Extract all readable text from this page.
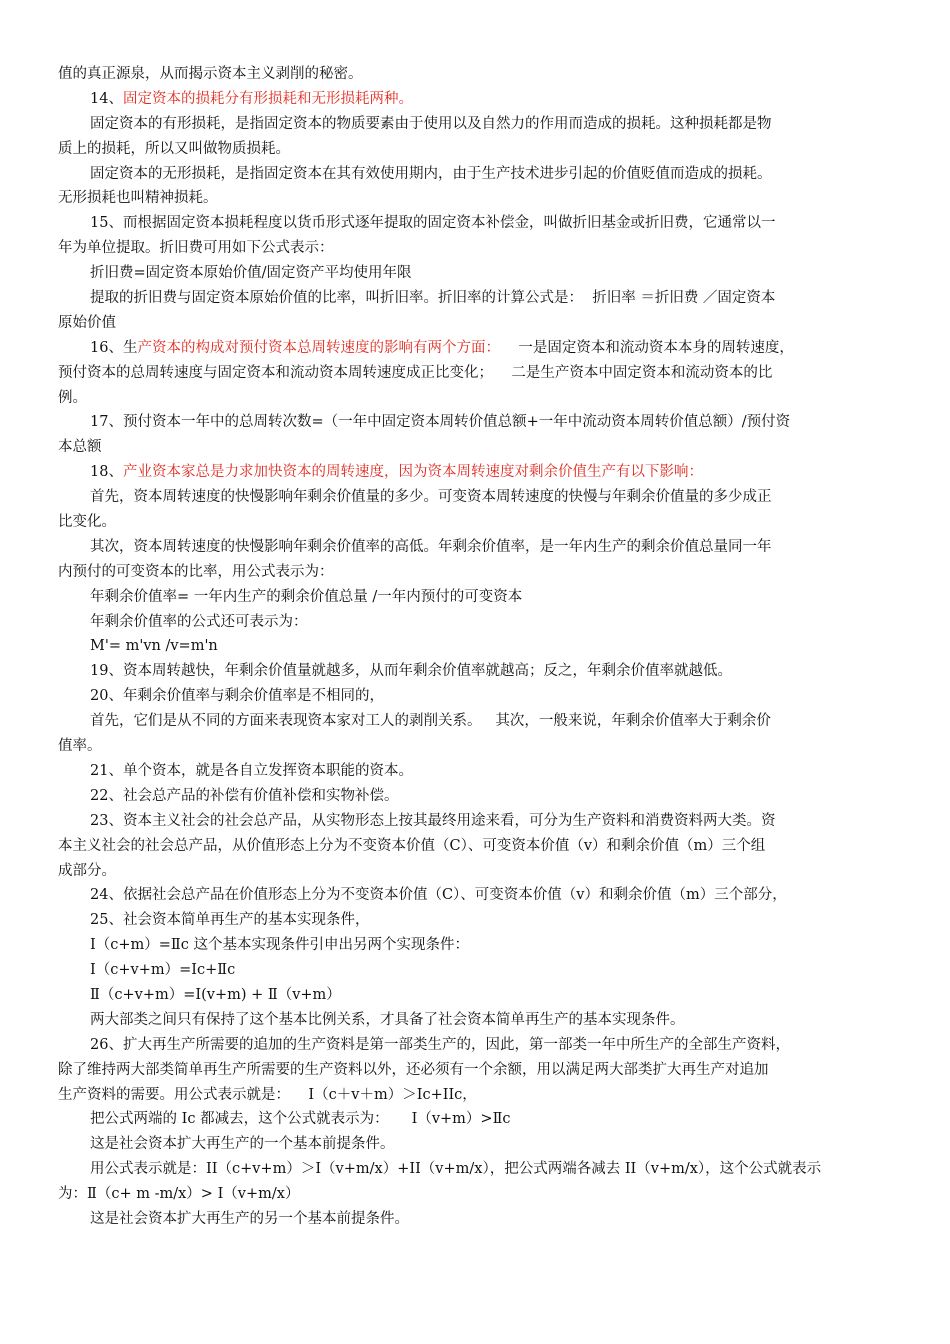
值的真正源泉，从而揭示资本主义剥削的秘密。
14、固定资本的损耗分有形损耗和无形损耗两种。
固定资本的有形损耗，是指固定资本的物质要素由于使用以及自然力的作用而造成的损耗。这种损耗都是物
质上的损耗，所以又叫做物质损耗。
固定资本的无形损耗，是指固定资本在其有效使用期内，由于生产技术进步引起的价值贬值而造成的损耗。
无形损耗也叫精神损耗。
15、而根据固定资本损耗程度以货币形式逐年提取的固定资本补偿金，叫做折旧基金或折旧费，它通常以一
年为单位提取。折旧费可用如下公式表示：
折旧费=固定资本原始价值/固定资产平均使用年限
提取的折旧费与固定资本原始价值的比率，叫折旧率。折旧率的计算公式是：  折旧率 ＝折旧费 ／固定资本
原始价值
16、生产资本的构成对预付资本总周转速度的影响有两个方面：    一是固定资本和流动资本本身的周转速度，
预付资本的总周转速度与固定资本和流动资本周转速度成正比变化；    二是生产资本中固定资本和流动资本的比
例。
17、预付资本一年中的总周转次数=（一年中固定资本周转价值总额+一年中流动资本周转价值总额）/预付资
本总额
18、产业资本家总是力求加快资本的周转速度，因为资本周转速度对剩余价值生产有以下影响：
首先，资本周转速度的快慢影响年剩余价值量的多少。可变资本周转速度的快慢与年剩余价值量的多少成正
比变化。
其次，资本周转速度的快慢影响年剩余价值率的高低。年剩余价值率，是一年内生产的剩余价值总量同一年
内预付的可变资本的比率，用公式表示为：
年剩余价值率= 一年内生产的剩余价值总量 /一年内预付的可变资本
年剩余价值率的公式还可表示为：
M'= m'vn /v=m'n
19、资本周转越快，年剩余价值量就越多，从而年剩余价值率就越高；反之，年剩余价值率就越低。
20、年剩余价值率与剩余价值率是不相同的，
首先，它们是从不同的方面来表现资本家对工人的剥削关系。   其次，一般来说，年剩余价值率大于剩余价
值率。
21、单个资本，就是各自立发挥资本职能的资本。
22、社会总产品的补偿有价值补偿和实物补偿。
23、资本主义社会的社会总产品，从实物形态上按其最终用途来看，可分为生产资料和消费资料两大类。资
本主义社会的社会总产品，从价值形态上分为不变资本价值（C）、可变资本价值（v）和剩余价值（m）三个组
成部分。
24、依据社会总产品在价值形态上分为不变资本价值（C）、可变资本价值（v）和剩余价值（m）三个部分，
25、社会资本简单再生产的基本实现条件，
Ⅰ（c+m）=Ⅱc 这个基本实现条件引申出另两个实现条件：
Ⅰ（c+v+m）=Ic+Ⅱc
Ⅱ（c+v+m）=Ⅰ(v+m) + Ⅱ（v+m）
两大部类之间只有保持了这个基本比例关系，才具备了社会资本简单再生产的基本实现条件。
26、扩大再生产所需要的追加的生产资料是第一部类生产的，因此，第一部类一年中所生产的全部生产资料，
除了维持两大部类简单再生产所需要的生产资料以外，还必须有一个余额，用以满足两大部类扩大再生产对追加
生产资料的需要。用公式表示就是：    I（c＋v＋m）＞Ic+IIc，
把公式两端的 Ic 都减去，这个公式就表示为：     Ⅰ（v+m）>Ⅱc
这是社会资本扩大再生产的一个基本前提条件。
用公式表示就是：II（c+v+m）＞I（v+m/x）+II（v+m/x），把公式两端各减去 II（v+m/x），这个公式就表示
为：Ⅱ（c+ m -m/x）> Ⅰ（v+m/x）
这是社会资本扩大再生产的另一个基本前提条件。
